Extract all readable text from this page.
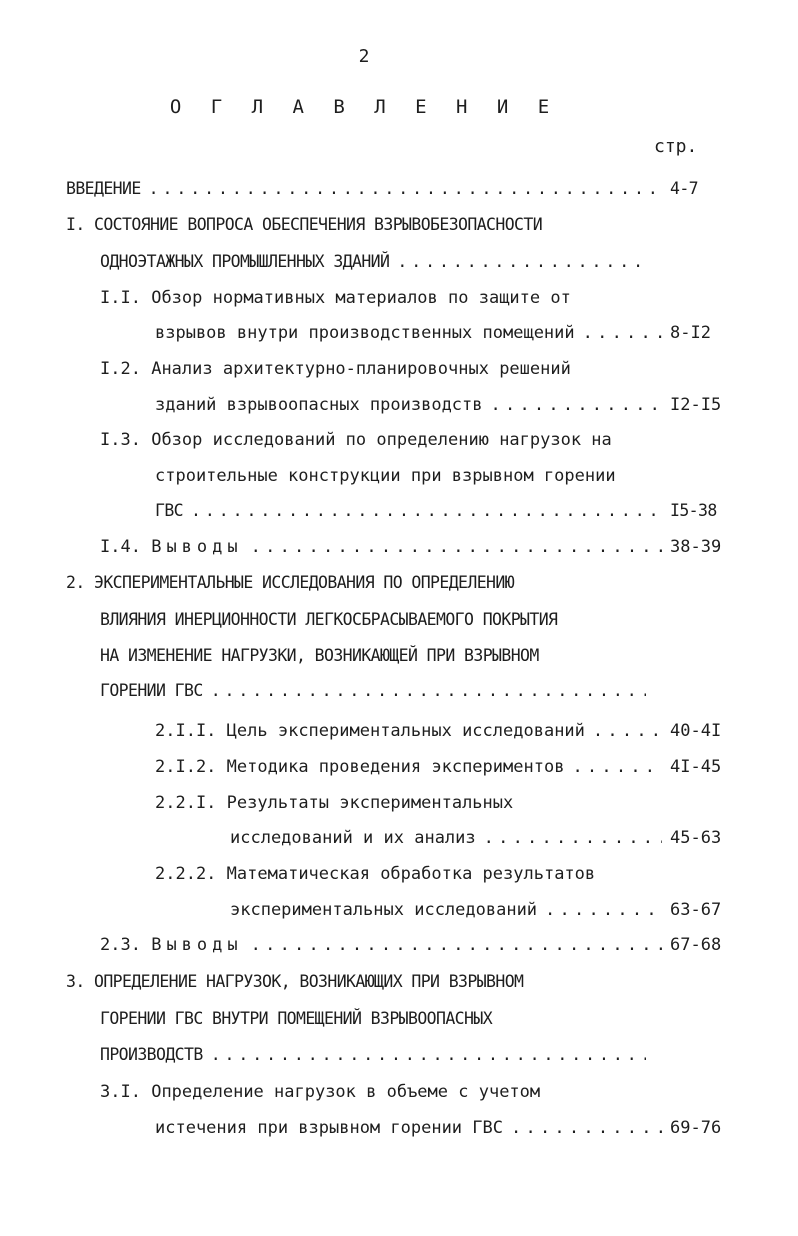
2
О Г Л А В Л Е Н И Е
стр.
ВВЕДЕНИЕ . . .	4-7
I. СОСТОЯНИЕ ВОПРОСА ОБЕСПЕЧЕНИЯ ВЗРЫВОБЕЗОПАСНОСТИ
ОДНОЭТАЖНЫХ ПРОМЫШЛЕННЫХ ЗДАНИЙ
. . .
I.I. Обзор нормативных материалов по защите от
взрывов внутри производственных помещений . . .	8-I2
I.2. Анализ архитектурно-планировочных решений
зданий взрывоопасных производств . . .	I2-I5
I.3. Обзор исследований по определению нагрузок на
строительные конструкции при взрывном горении
ГВС . . .	I5-38
I.4. Выводы . . .	38-39
2. ЭКСПЕРИМЕНТАЛЬНЫЕ ИССЛЕДОВАНИЯ ПО ОПРЕДЕЛЕНИЮ
ВЛИЯНИЯ ИНЕРЦИОННОСТИ ЛЕГКОСБРАСЫВАЕМОГО ПОКРЫТИЯ
НА ИЗМЕНЕНИЕ НАГРУЗКИ, ВОЗНИКАЮЩЕЙ ПРИ ВЗРЫВНОМ
ГОРЕНИИ ГВС
. . .
2.I.I. Цель экспериментальных исследований . . .	40-4I
2.I.2. Методика проведения экспериментов . . .	4I-45
2.2.I. Результаты экспериментальных
исследований и их анализ . . .	45-63
2.2.2. Математическая обработка результатов
экспериментальных исследований . . .	63-67
2.3. Выводы . . .	67-68
3. ОПРЕДЕЛЕНИЕ НАГРУЗОК, ВОЗНИКАЮЩИХ ПРИ ВЗРЫВНОМ
ГОРЕНИИ ГВС ВНУТРИ ПОМЕЩЕНИЙ ВЗРЫВООПАСНЫХ
ПРОИЗВОДСТВ
. . .
3.I. Определение нагрузок в объеме с учетом
истечения при взрывном горении ГВС . . .	69-76
